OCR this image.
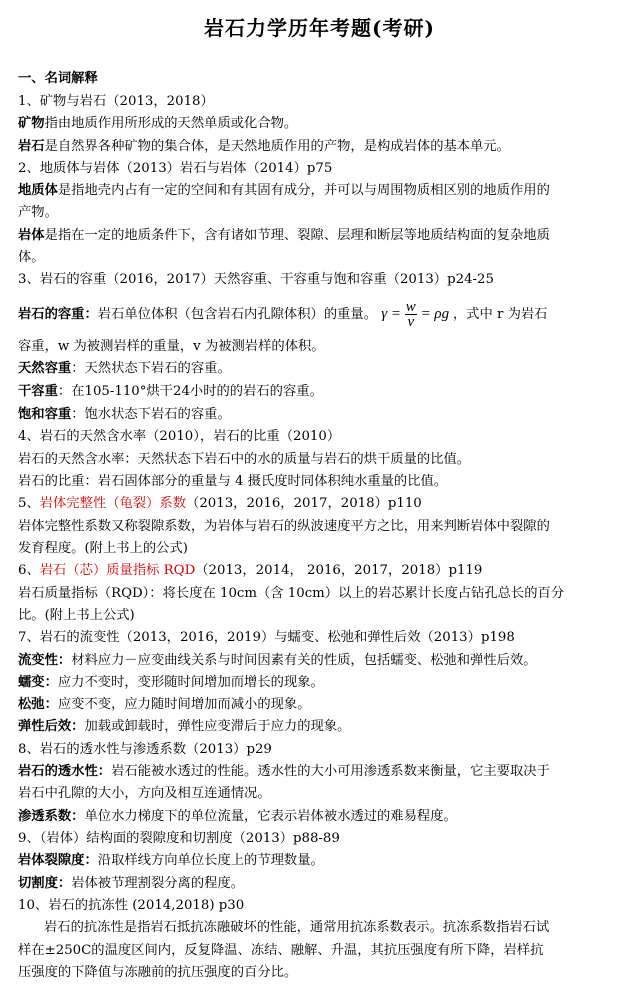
岩石力学历年考题(考研)
一、名词解释
1、矿物与岩石（2013，2018）
矿物指由地质作用所形成的天然单质或化合物。
岩石是自然界各种矿物的集合体，是天然地质作用的产物，是构成岩体的基本单元。
2、地质体与岩体（2013）岩石与岩体（2014）p75
地质体是指地壳内占有一定的空间和有其固有成分，并可以与周围物质相区别的地质作用的
产物。
岩体是指在一定的地质条件下，含有诸如节理、裂隙、层理和断层等地质结构面的复杂地质
体。
3、岩石的容重（2016，2017）天然容重、干容重与饱和容重（2013）p24-25
岩石的容重：岩石单位体积（包含岩石内孔隙体积）的重量。 $\gamma = \frac{w}{v} = \rho g$ ，式中 r 为岩石
容重，w 为被测岩样的重量，v 为被测岩样的体积。
天然容重：天然状态下岩石的容重。
干容重：在105-110°烘干24小时的的岩石的容重。
饱和容重：饱水状态下岩石的容重。
4、岩石的天然含水率（2010），岩石的比重（2010）
岩石的天然含水率：天然状态下岩石中的水的质量与岩石的烘干质量的比值。
岩石的比重：岩石固体部分的重量与 4 摄氏度时同体积纯水重量的比值。
5、岩体完整性（龟裂）系数（2013，2016，2017，2018）p110
岩体完整性系数又称裂隙系数，为岩体与岩石的纵波速度平方之比，用来判断岩体中裂隙的
发育程度。(附上书上的公式)
6、岩石（芯）质量指标 RQD（2013，2014， 2016，2017，2018）p119
岩石质量指标（RQD）：将长度在 10cm（含 10cm）以上的岩芯累计长度占钻孔总长的百分
比。(附上书上公式)
7、岩石的流变性（2013，2016，2019）与蠕变、松弛和弹性后效（2013）p198
流变性：材料应力－应变曲线关系与时间因素有关的性质，包括蠕变、松弛和弹性后效。
蠕变：应力不变时，变形随时间增加而增长的现象。
松弛：应变不变，应力随时间增加而减小的现象。
弹性后效：加载或卸载时，弹性应变滞后于应力的现象。
8、岩石的透水性与渗透系数（2013）p29
岩石的透水性：岩石能被水透过的性能。透水性的大小可用渗透系数来衡量，它主要取决于
岩石中孔隙的大小，方向及相互连通情况。
渗透系数：单位水力梯度下的单位流量，它表示岩体被水透过的难易程度。
9、（岩体）结构面的裂隙度和切割度（2013）p88-89
岩体裂隙度：沿取样线方向单位长度上的节理数量。
切割度：岩体被节理割裂分离的程度。
10、岩石的抗冻性 (2014,2018) p30
岩石的抗冻性是指岩石抵抗冻融破坏的性能，通常用抗冻系数表示。抗冻系数指岩石试
样在±250C的温度区间内，反复降温、冻结、融解、升温，其抗压强度有所下降，岩样抗
压强度的下降值与冻融前的抗压强度的百分比。
